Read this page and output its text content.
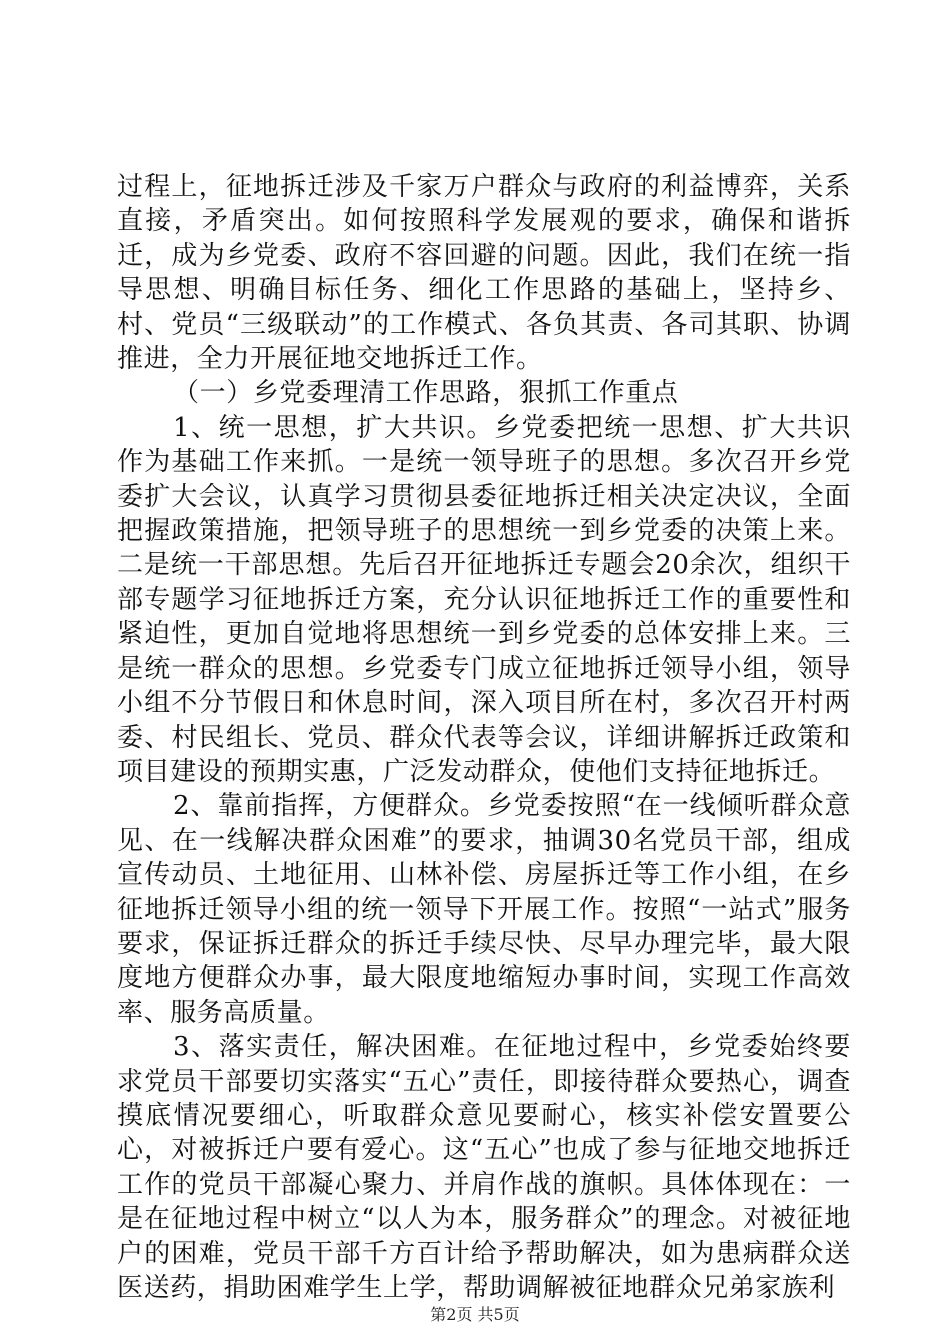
过程上，征地拆迁涉及千家万户群众与政府的利益博弈，关系直接，矛盾突出。如何按照科学发展观的要求，确保和谐拆迁，成为乡党委、政府不容回避的问题。因此，我们在统一指导思想、明确目标任务、细化工作思路的基础上，坚持乡、村、党员“三级联动”的工作模式、各负其责、各司其职、协调推进，全力开展征地交地拆迁工作。

（一）乡党委理清工作思路，狠抓工作重点

1、统一思想，扩大共识。乡党委把统一思想、扩大共识作为基础工作来抓。一是统一领导班子的思想。多次召开乡党委扩大会议，认真学习贯彻县委征地拆迁相关决定决议，全面把握政策措施，把领导班子的思想统一到乡党委的决策上来。二是统一干部思想。先后召开征地拆迁专题会20余次，组织干部专题学习征地拆迁方案，充分认识征地拆迁工作的重要性和紧迫性，更加自觉地将思想统一到乡党委的总体安排上来。三是统一群众的思想。乡党委专门成立征地拆迁领导小组，领导小组不分节假日和休息时间，深入项目所在村，多次召开村两委、村民组长、党员、群众代表等会议，详细讲解拆迁政策和项目建设的预期实惠，广泛发动群众，使他们支持征地拆迁。

2、靠前指挥，方便群众。乡党委按照“在一线倾听群众意见、在一线解决群众困难”的要求，抽调30名党员干部，组成宣传动员、土地征用、山林补偿、房屋拆迁等工作小组，在乡征地拆迁领导小组的统一领导下开展工作。按照“一站式”服务要求，保证拆迁群众的拆迁手续尽快、尽早办理完毕，最大限度地方便群众办事，最大限度地缩短办事时间，实现工作高效率、服务高质量。

3、落实责任，解决困难。在征地过程中，乡党委始终要求党员干部要切实落实“五心”责任，即接待群众要热心，调查摸底情况要细心，听取群众意见要耐心，核实补偿安置要公心，对被拆迁户要有爱心。这“五心”也成了参与征地交地拆迁工作的党员干部凝心聚力、并肩作战的旗帜。具体体现在：一是在征地过程中树立“以人为本，服务群众”的理念。对被征地户的困难，党员干部千方百计给予帮助解决，如为患病群众送医送药，捐助困难学生上学，帮助调解被征地群众兄弟家族利

第2页 共5页
